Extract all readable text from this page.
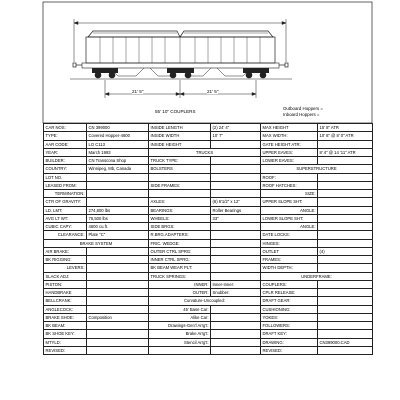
55' 10" COUPLERS
21' 5"	21' 5"
Outboard Hoppers =
Inboard Hoppers =
CAR NOS:	CN 399000	INSIDE LENGTH	(2) 24' 4"	MAX HEIGHT	15' 8" ATR
TYPE:	Covered Hopper-4600	INSIDE WIDTH	10' 7"	MAX WIDTH:	10' 8" @ 8' 0" ATR
AAR CODE:	LO C113	INSIDE HEIGHT		GATE HEIGHT ATR:	
YEAR:	March 1993	TRUCKS		UPPER EAVES:	8' 4" @ 14 '11" ATR
BUILDER:	CN Transcona Shop	TRUCK TYPE:		LOWER EAVES:	
COUNTRY:	Winnipeg, Mb, Canada	BOLSTERS		SUPERSTRUCTURE	
LOT NO.				ROOF:	
LEASED FROM:		SIDE FRAMES:		ROOF HATCHES:	
TERMINATION:				SIZE:	
CTR OF GRAVITY:		AXLES:	(6) 6'1/2" x 12"	UPPER SLOPE SHT:	
LD. LMT:	274,800 lbs	BEARINGS:	Roller Bearings	ANGLE:	
AVG LT WT:	76,500 lbs	WHEELS:	33"	LOWER SLOPE SHT:	
CUBIC CAPY:	4600 cu.ft.	SIDE BRGS:		ANGLE:	
CLEARANCE:	Plate "C"	R.BRG.ADAPTERS:		DATE LOCKS:	
BRAKE SYSTEM		FRIC. WEDGE:		HINGES:	
AIR BRAKE:		OUTER CTRL SPRG:		OUTLET	(4)
BK RIGGING:		INNER CTRL SPRG:		FRAMES:	
LEVERS:		BK BEAM WEAR PLT:		WIDTH DEPTH:	
SLACK ADJ:		TRUCK SPRINGS:		UNDERFRAME:	
PISTON:		INNER:	Inner-Inner:	COUPLERS:	
HANDBRAKE		OUTER:	Snubber:	CPLR RELEASE:	
BELLCRANK:		Curvature-Uncoupled:		DRAFT GEAR:	
ANGLECOCK:		45' Base Car:		CUSHIONING:	
BRAKE SHOE:	Composition	Alike Car:		YOKES:	
BK BEAM:		Drawings-Gen'l Arrg't:		FOLLOWERS:	
BK SHOE KEY:		Brake Arrg't:		DRAFT KEY:	
MTYLD:		Stencil Arrg't:		DRAWING:	CN399000.CAD
REVISED:				REVISED:	
